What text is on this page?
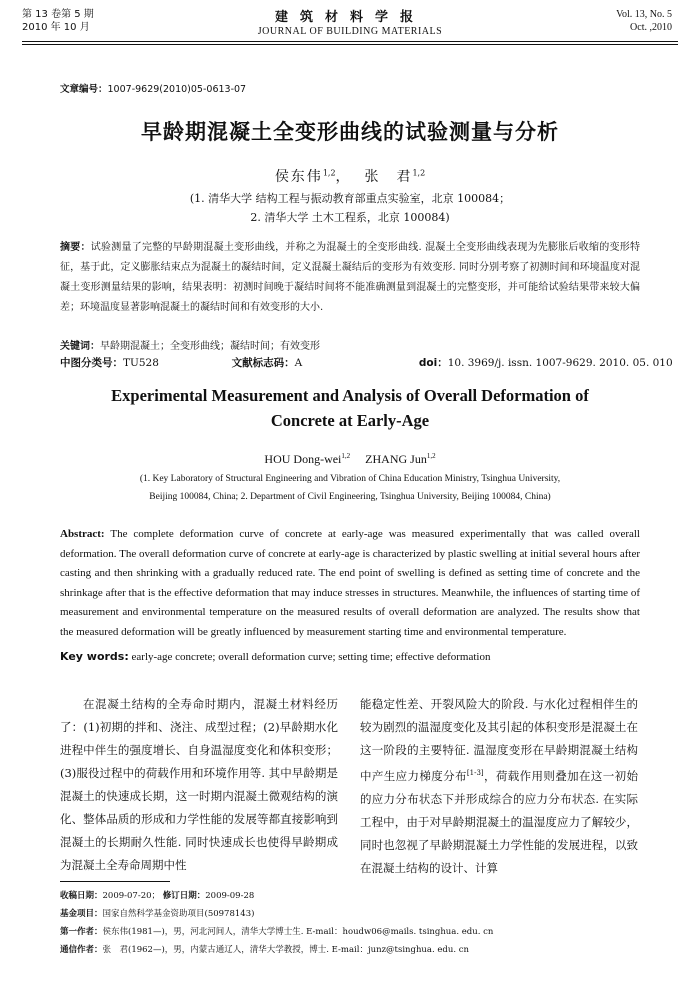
第 13 卷第 5 期
2010 年 10 月
建筑材料学报
JOURNAL OF BUILDING MATERIALS
Vol. 13, No. 5
Oct. ,2010
文章编号：1007-9629(2010)05-0613-07
早龄期混凝土全变形曲线的试验测量与分析
侯东伟$^{1,2}$， 张　君$^{1,2}$
(1. 清华大学 结构工程与振动教育部重点实验室，北京 100084；
2. 清华大学 土木工程系，北京 100084)
摘要：试验测量了完整的早龄期混凝土变形曲线，并称之为混凝土的全变形曲线. 混凝土全变形曲线表现为先膨胀后收缩的变形特征，基于此，定义膨胀结束点为混凝土的凝结时间，定义混凝土凝结后的变形为有效变形. 同时分别考察了初测时间和环境温度对混凝土变形测量结果的影响，结果表明：初测时间晚于凝结时间将不能准确测量到混凝土的完整变形，并可能给试验结果带来较大偏差；环境温度显著影响混凝土的凝结时间和有效变形的大小.
关键词：早龄期混凝土；全变形曲线；凝结时间；有效变形
中图分类号：TU528	文献标志码：A	doi：10. 3969/j. issn. 1007-9629. 2010. 05. 010
Experimental Measurement and Analysis of Overall Deformation of Concrete at Early-Age
HOU Dong-wei$^{1,2}$ ZHANG Jun$^{1,2}$
(1. Key Laboratory of Structural Engineering and Vibration of China Education Ministry, Tsinghua University,
Beijing 100084, China; 2. Department of Civil Engineering, Tsinghua University, Beijing 100084, China)
Abstract: The complete deformation curve of concrete at early-age was measured experimentally that was called overall deformation. The overall deformation curve of concrete at early-age is characterized by plastic swelling at initial several hours after casting and then shrinking with a gradually reduced rate. The end point of swelling is defined as setting time of concrete and the shrinkage after that is the effective deformation that may induce stresses in structures. Meanwhile, the influences of starting time of measurement and environmental temperature on the measured results of overall deformation are analyzed. The results show that the measured deformation will be greatly influenced by measurement starting time and environmental temperature.
Key words: early-age concrete; overall deformation curve; setting time; effective deformation
在混凝土结构的全寿命时期内，混凝土材料经历了：(1)初期的拌和、浇注、成型过程；(2)早龄期水化进程中伴生的强度增长、自身温湿度变化和体积变形；(3)服役过程中的荷载作用和环境作用等. 其中早龄期是混凝土的快速成长期，这一时期内混凝土微观结构的演化、整体品质的形成和力学性能的发展等都直接影响到混凝土的长期耐久性能. 同时快速成长也使得早龄期成为混凝土全寿命周期中性
能稳定性差、开裂风险大的阶段. 与水化过程相伴生的较为剧烈的温湿度变化及其引起的体积变形是混凝土在这一阶段的主要特征. 温湿度变形在早龄期混凝土结构中产生应力梯度分布[1-3]，荷载作用则叠加在这一初始的应力分布状态下并形成综合的应力分布状态. 在实际工程中，由于对早龄期混凝土的温湿度应力了解较少，同时也忽视了早龄期混凝土力学性能的发展进程，以致在混凝土结构的设计、计算
收稿日期：2009-07-20； 修订日期：2009-09-28
基金项目：国家自然科学基金资助项目(50978143)
第一作者：侯东伟(1981—)，男，河北河间人，清华大学博士生. E-mail：houdw06@mails. tsinghua. edu. cn
通信作者：张　君(1962—)，男，内蒙古通辽人，清华大学教授，博士. E-mail：junz@tsinghua. edu. cn
